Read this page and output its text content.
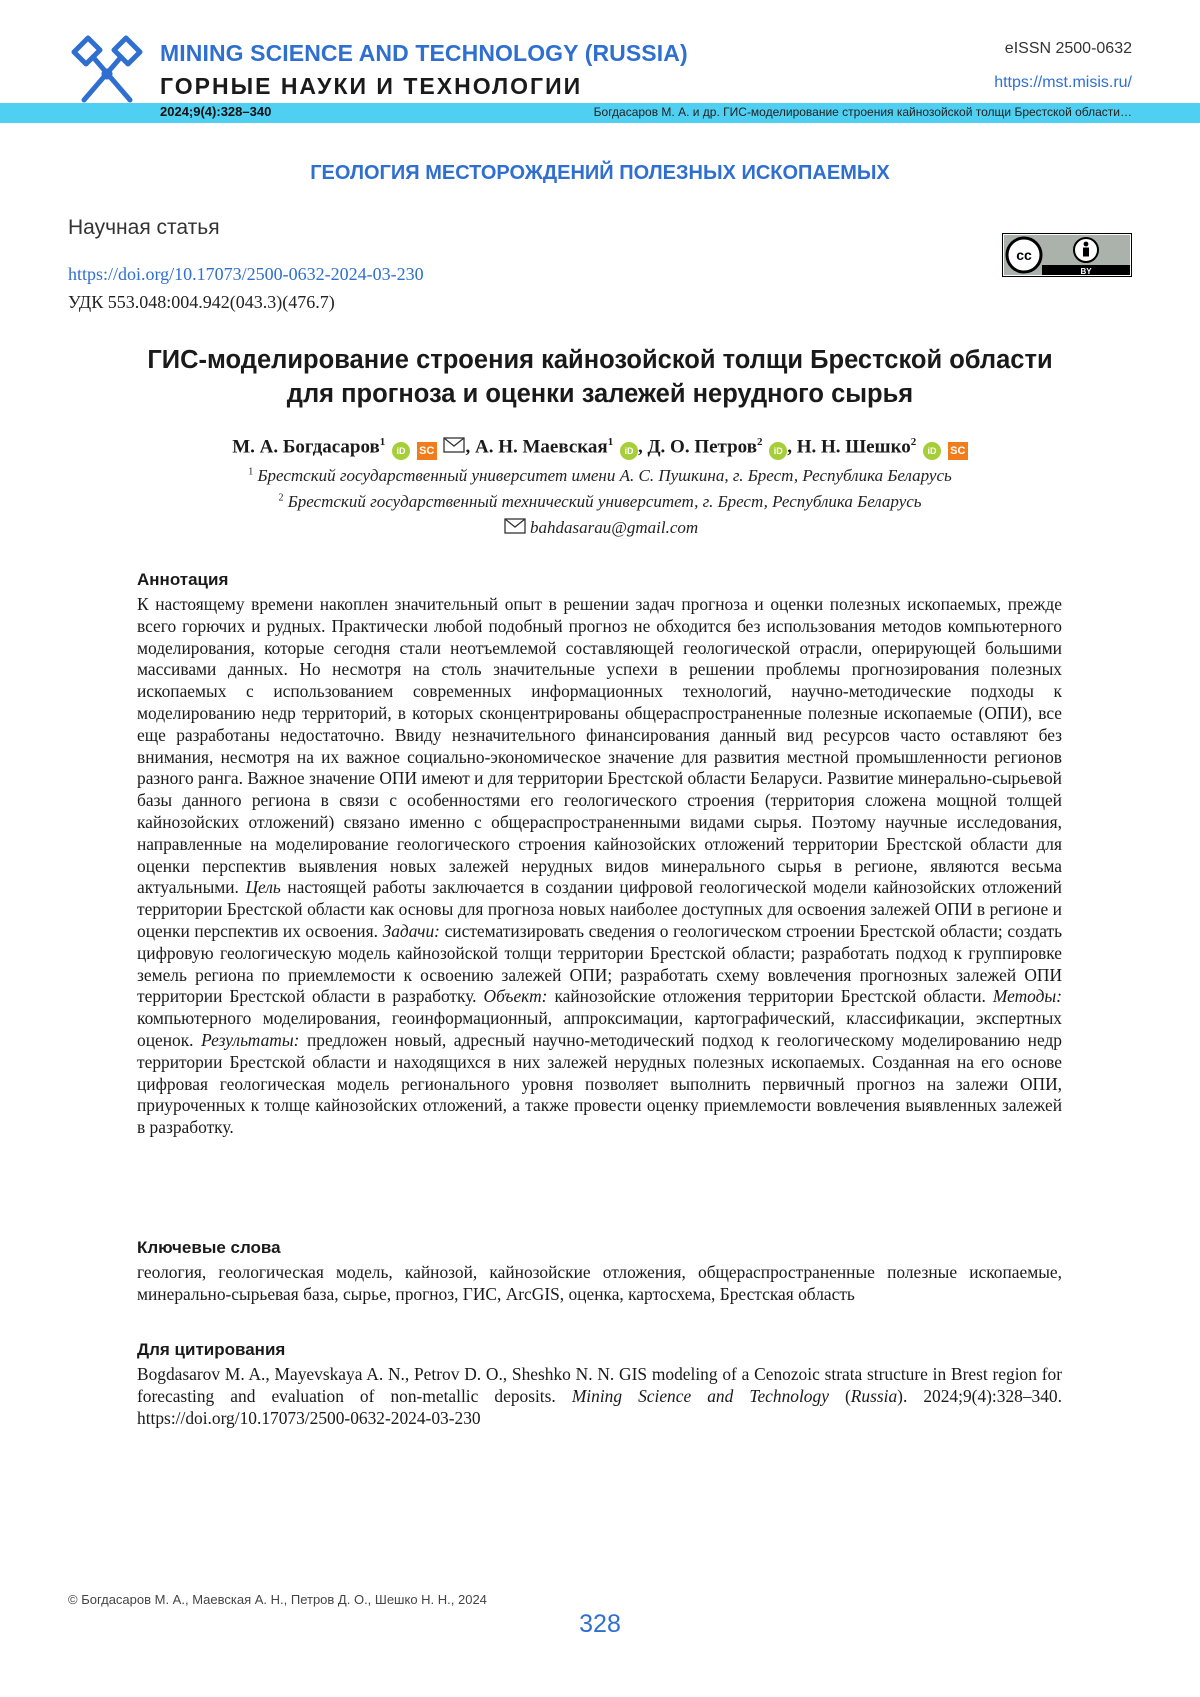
MINING SCIENCE AND TECHNOLOGY (RUSSIA)
ГОРНЫЕ НАУКИ И ТЕХНОЛОГИИ
eISSN 2500-0632
https://mst.misis.ru/
2024;9(4):328–340	Богдасаров М. А. и др. ГИС-моделирование строения кайнозойской толщи Брестской области…
ГЕОЛОГИЯ МЕСТОРОЖДЕНИЙ ПОЛЕЗНЫХ ИСКОПАЕМЫХ
Научная статья
https://doi.org/10.17073/2500-0632-2024-03-230
УДК 553.048:004.942(043.3)(476.7)
cc
BY
ГИС-моделирование строения кайнозойской толщи Брестской области
для прогноза и оценки залежей нерудного сырья
М. А. Богдасаров$^1$ iD SC , А. Н. Маевская$^1$ iD , Д. О. Петров$^2$ iD , Н. Н. Шешко$^2$ iD SC
$^1$ Брестский государственный университет имени А. С. Пушкина, г. Брест, Республика Беларусь
$^2$ Брестский государственный технический университет, г. Брест, Республика Беларусь
bahdasarau@gmail.com
Аннотация
К настоящему времени накоплен значительный опыт в решении задач прогноза и оценки полезных ископаемых, прежде всего горючих и рудных. Практически любой подобный прогноз не обходится без использования методов компьютерного моделирования, которые сегодня стали неотъемлемой составляющей геологической отрасли, оперирующей большими массивами данных. Но несмотря на столь значительные успехи в решении проблемы прогнозирования полезных ископаемых с использованием современных информационных технологий, научно-методические подходы к моделированию недр территорий, в которых сконцентрированы общераспространенные полезные ископаемые (ОПИ), все еще разработаны недостаточно. Ввиду незначительного финансирования данный вид ресурсов часто оставляют без внимания, несмотря на их важное социально-экономическое значение для развития местной промышленности регионов разного ранга. Важное значение ОПИ имеют и для территории Брестской области Беларуси. Развитие минерально-сырьевой базы данного региона в связи с особенностями его геологического строения (территория сложена мощной толщей кайнозойских отложений) связано именно с общераспространенными видами сырья. Поэтому научные исследования, направленные на моделирование геологического строения кайнозойских отложений территории Брестской области для оценки перспектив выявления новых залежей нерудных видов минерального сырья в регионе, являются весьма актуальными. Цель настоящей работы заключается в создании цифровой геологической модели кайнозойских отложений территории Брестской области как основы для прогноза новых наиболее доступных для освоения залежей ОПИ в регионе и оценки перспектив их освоения. Задачи: систематизировать сведения о геологическом строении Брестской области; создать цифровую геологическую модель кайнозойской толщи территории Брестской области; разработать подход к группировке земель региона по приемлемости к освоению залежей ОПИ; разработать схему вовлечения прогнозных залежей ОПИ территории Брестской области в разработку. Объект: кайнозойские отложения территории Брестской области. Методы: компьютерного моделирования, геоинформационный, аппроксимации, картографический, классификации, экспертных оценок. Результаты: предложен новый, адресный научно-методический подход к геологическому моделированию недр территории Брестской области и находящихся в них залежей нерудных полезных ископаемых. Созданная на его основе цифровая геологическая модель регионального уровня позволяет выполнить первичный прогноз на залежи ОПИ, приуроченных к толще кайнозойских отложений, а также провести оценку приемлемости вовлечения выявленных залежей в разработку.
Ключевые слова
геология, геологическая модель, кайнозой, кайнозойские отложения, общераспространенные полезные ископаемые, минерально-сырьевая база, сырье, прогноз, ГИС, ArcGIS, оценка, картосхема, Брестская область
Для цитирования
Bogdasarov M. A., Mayevskaya A. N., Petrov D. O., Sheshko N. N. GIS modeling of a Cenozoic strata structure in Brest region for forecasting and evaluation of non-metallic deposits. Mining Science and Technology (Russia). 2024;9(4):328–340. https://doi.org/10.17073/2500-0632-2024-03-230
© Богдасаров М. А., Маевская А. Н., Петров Д. О., Шешко Н. Н., 2024
328
